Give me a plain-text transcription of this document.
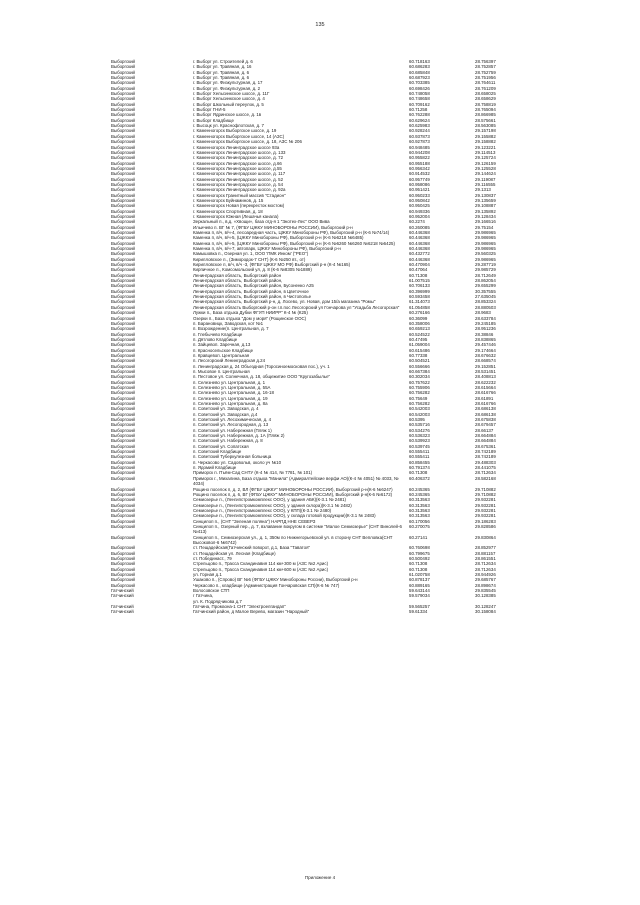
135
Выборгский	г. Выборг ул. Строителей д. 6	60.718163	28.756397
Выборгский	г. Выборг ул. Травяная, д. 16	60.686283	28.752857
Выборгский	г. Выборг ул. Травяная, д. 6	60.685848	28.752759
Выборгский	г. Выборг ул. Травяная, д. 6	60.687923	28.751956
Выборгский	г. Выборг ул. Физкультурная, д. 17	60.703385	28.764611
Выборгский	г. Выборг ул. Физкультурная, д. 2	60.698426	28.761209
Выборгский	г. Выборг Хельсинкское шоссе, д. 11Г	60.748058	28.658025
Выборгский	г. Выборг Хельсинкское шоссе, д. 4	60.748658	28.658629
Выборгский	г. Выборг Школьный переулок, д. 5	60.709162	28.758819
Выборгский	г. Выборг ГНИ-5	60.71258	28.765094
Выборгский	г. Выборг Ядринское шоссе, д. 1в	60.762288	28.866985
Выборгский	г. Выборг Кладбище	60.629624	28.575661
Выборгский	г. Высоцк ул. Краснофлотская, д. 7	60.625983	28.563085
Выборгский	г. Каменногорск Выборгское шоссе, д. 19	60.928244	29.157198
Выборгский	г. Каменногорск Выборгское шоссе, 14 (АЗС)	60.937873	29.155882
Выборгский	г. Каменногорск Выборгское шоссе, д. 18, АЗС № 206	60.927873	29.158882
Выборгский	г. Каменногорск Ленинградское шоссе 93а	60.948485	29.123221
Выборгский	г. Каменногорск Ленинградское шоссе, д. 133	60.944208	29.114513
Выборгский	г. Каменногорск Ленинградское шоссе, д. 72	60.955822	29.125724
Выборгский	г. Каменногорск Ленинградское шоссе, д.66	60.955188	29.126159
Выборгский	г. Каменногорск Ленинградское шоссе, д.55	60.956342	29.125528
Выборгский	г. Каменногорск Ленинградское шоссе, д. 117	60.914532	29.144624
Выборгский	г. Каменногорск Ленинградское шоссе, д. 52	60.957749	29.119087
Выборгский	г. Каменногорск Ленинградское шоссе, д. 54	60.958086	29.116555
Выборгский	г. Каменногорск Ленинградское шоссе, д. 92а	60.951421	29.1313
Выборгский	г. Каменногорск Гранитный массив "Стадион"	60.950233	29.130837
Выборгский	г. Каменногорск Буйнаминов, д. 15	60.950842	29.135659
Выборгский	г. Каменногорск Новая (перекресток мостом)	60.950425	29.108887
Выборгский	г. Каменногорск Спортивная, д. 18	60.949336	29.135892
Выборгский	г. Каменногорск Южная (Лешачья канала)	60.952004	29.128434
Выборгский	Зеркальный п., в.д. «Хвощи», база отд-я 1 "Экотех-Лес" ООО Вива	60.2274	29.166516
Выборгский	Ильичево п. ВГ № 7, (ФГБУ ЦЖКУ МИНОБОРОНЫ РОССИИ), Выборгский р-н	60.260085	29.75154
Выборгский	Каменка п, в/ч, в/ч-4, лесоаредная часть, ЦЖКУ Минобороны РФ), Выборгский р-н (К-6 №74/14)	60.446368	29.986965
Выборгский	Каменка п, в/ч, в/ч-5, (ЦЖКУ Минобороны РФ), Выборгский р-н (К-6 №6218 №6485)	60.446368	29.986965
Выборгский	Каменка п, в/ч, в/ч-5, (ЦЖКУ Минобороны РФ), Выборгский р-н (К-6 №6260 №6260 №6218 №6425)	60.446368	29.986965
Выборгский	Каменка п, в/ч, в/ч-7, автопарк, ЦЖКУ Минобороны РФ), Выборгский р-н	60.446368	29.986965
Выборгский	Камышовка п., Озерная ул. 1, ООО 'ПМК Инком' ("РЕО")	60.432772	29.560325
Выборгский	Кирилловское п., (Зимородок-7 СНТ) (К-6 №250 вт., от)	60.446368	29.986965
Выборгский	Кирилловское п, в/ч, в/ч -3, (ФГБУ ЦЖКУ МО РФ) Выборгский р-н (К-4 №165)	60.470904	29.287719
Выборгский	Кирпичное п., Комсомольский ул, д. 8 (К-6 №8305 №1889)	60.47064	29.985729
Выборгский	Ленинградская область, Выборгский район	60.71308	28.712649
Выборгский	Ленинградская область, Выборгский район,	61.007515	28.862054
Выборгский	Ленинградская область, Выборгский район, Бусоненко А25	60.706133	29.655299
Выборгский	Ленинградская область, Выборгский район, в Цветочное	60.396999	30.357555
Выборгский	Ленинградская область, Выборгский район, в Чистополье	60.593458	27.635045
Выборгский	Ленинградская область, Выборгский р-н, д. Лосево, ул. Новая, дом 15/а магазина "Ромы"	61.314073	28.853324
Выборгский	Ленинградская область Выборгский р-он г.п.пос Лесогорский ул Гончарова ул "Усадьба Лесогорская"	61.054858	28.880503
Выборгский	Лужки п., База отдыха Дубки ФГУП НИИРР" К-4 № (К25)	60.276166	28.9683
Выборгский	Озерки п., База отдыха "Дом у моря" (Рощинское ООС)	60.36099	28.633784
Выборгский	п. Барановицк, Заводская, кот №1	60.358006	29.245185
Выборгский	п. Возрождение(п. Центральная, д. 7	60.659213	28.951236
Выборгский	п. Глебычево Кладбище	60.524522	28.38846
Выборгский	п. Дятлово Кладбище	60.47495	28.838865
Выборгский	п. Зайцевоп. Заречная, д.13	61.059004	29.457446
Выборгский	п. Красносельское Кладбище	60.615486	29.174664
Выборгский	п. Кравцевоп. Центральная	60.77338	28.676632
Выборгский	п. Лесогорский Ленинградская д.24	60.504521	28.668574
Выборгский	п. Ленинградская д. 24 Объездная (Торосиноемосковая пос.), уч. 1	60.556666	29.152851
Выборгский	п. Мысовое п. Центральная	60.667384	28.531451
Выборгский	п. Пестовое ул. Солнечная, д. 18, общежитие ООО "Кругозабылье"	60.302034	28.408813
Выборгский	п. Селезнево ул. Центральная, д. 1	60.757622	28.622232
Выборгский	п. Селезнево ул. Центральная, д. 55А	60.755906	28.615664
Выборгский	п. Селезнево ул. Центральная, д. 16-18	60.756282	28.616766
Выборгский	п. Селезнево ул. Центральная, д. 19	60.75649	28.61891
Выборгский	п. Селезнево ул. Центральная, д. 8а	60.756282	28.616766
Выборгский	п. Советский ул. Заводская, д. 4	60.542003	28.686138
Выборгский	п. Советский ул. Заводская, д.4	60.542003	28.686138
Выборгский	п. Советский ул. Лесохимическая, д. 4	60.5395	28.675838
Выборгский	п. Советский ул. Лесогородная, д. 13	60.535716	28.679457
Выборгский	п. Советский ул. Набережная (Пляж 1)	60.534276	28.66137
Выборгский	п. Советский ул. Набережная, д. 1А (Пляж 2)	60.536323	28.664884
Выборгский	п. Советский ул. Набережная, д. 8	60.539923	28.664884
Выборгский	п. Советский ул. Сопатская	60.539745	28.675361
Выборгский	п. Советский Кладбище	60.555411	28.742189
Выборгский	п. Советский Туберкулезная больница	60.555411	28.742189
Выборгский	п. Черкасово ул. Садовольв, около уч №10	60.858455	29.488303
Выборгский	п. Ядомий Кладбище	60.791374	28.441075
Выборгский	Приморск п. Пъём-Сад СНТУ (К-4 № 414, № 7781, № 101)	60.71308	28.712634
Выборгский	Приморск г., Михалина, База отдыха "Манила" (Адмиралтейские верфи АО)(К-4 № 4051) № 4033, № 4034)
60.406372	28.582168
Выборгский	Рощино поселок п, д. 2, ВЛ (ФГБУ ЦЖКУ" МИНОБОРОНЫ РОССИИ), Выборгский р-н(К-6 №6247)	60.245365	29.710882
Выборгский	Рощино поселок п, д. 6, ВГ (ФГБУ ЦЖКУ" МИНОБОРОНЫ РОССИИ), Выборгский р-н(К-6 №6172)	60.245365	29.710882
Выборгский	Семиозерье п., (Ленгипстромкомплекс ООО), у здания АБК)(К-3.1 № 2481)	60.313563	29.932281
Выборгский	Семиозерье п., (Ленгипстромкомплекс ООО), у здания склора)(К-3.1 № 2482)	60.313563	29.932281
Выборгский	Семиозерье п., (Ленгипстромкомплекс ООО), у КПП)(К-3.1 № 2480)	60.313563	29.932281
Выборгский	Семиозерье п., (Ленгипстромкомплекс ООО), у склада готовой продукции)(К-3.1 № 2483)	60.313563	29.932281
Выборгский	Синцилоп п., (СНТ "Зеленая поляна") НАРПД ННЕ СЕВЕРЗ	60.170056	29.186283
Выборгский	Синцилоп п., Озерный пер., д. 7, взлавание вокругом в системе "Малое Семиозерье" (СНТ Винолей-6 №413)
60.270075	29.828586
Выборгский	Синцилоп п., Семиозерская ул., д. 1, 350м по Нижнегорьевской ул. в сторону СНТ Вепловка(СНТ Высоковол-6 №6742)
60.27141	29.830864
Выборгский	ст. Пещадейская(Гатчинский поворот, д.1, База "Таватоя"	60.760698	28.852977
Выборгский	ст. Пещадейская ул. Лесная (Кладбище)	60.799675	28.881157
Выборгский	ст. Побединаст., 79	60.500492	28.861551
Выборгский	Стрельцово п., Трасса Скандинавия 114 км+300 м (АЗС №2 Арис)	60.71308	28.712634
Выборгский	Стрельцово п., Трасса Скандинавия 114 км+600 м (АЗС №2 Арис)	60.71308	28.712634
Выборгский	ул. Горная д.1	61.020758	28.944926
Выборгский	Ушаково п., (Спрово) ВГ №6 (ФГБУ ЦЖКУ Минобороны России), Выборгский р-н	60.878137	29.685767
Выборгский	Черкасово п., кладбище (Администрация Гончаровская СП)(К-6 № 747)	60.889165	28.898674
Гатчинский	Волосовское СТП	59.643144	29.835545
Гатчинский	г Гатчина,	59.579034	30.128385
ул. К. Подрядчикова д.7
Гатчинский	Гатчина, Промзона-1 СНТ "Электроелгандап"	59.565257	30.128247
Гатчинский	Гатчинский район, д Малое Верево, магазин "Народный"	59.61334	30.158084
Приложение 4
